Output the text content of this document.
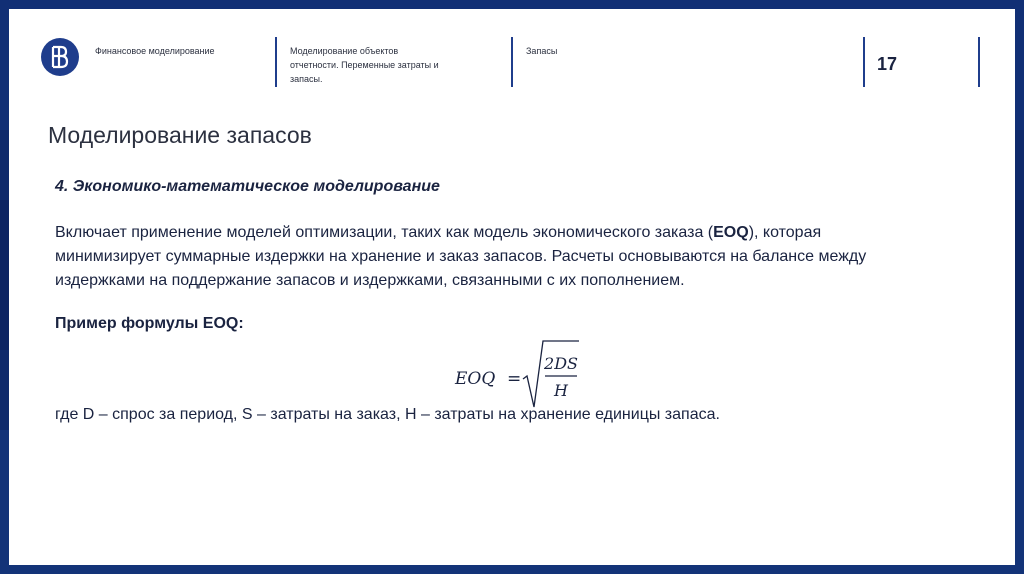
Финансовое моделирование	Моделирование объектов
отчетности. Переменные затраты и
запасы.
Запасы
17
Моделирование запасов
4. Экономико-математическое моделирование
Включает применение моделей оптимизации, таких как модель экономического заказа (EOQ), которая
минимизирует суммарные издержки на хранение и заказ запасов. Расчеты основываются на балансе между
издержками на поддержание запасов и издержками, связанными с их пополнением.
Пример формулы EOQ:
EOQ =
2DS
H
где D – спрос за период, S – затраты на заказ, H – затраты на хранение единицы запаса.
